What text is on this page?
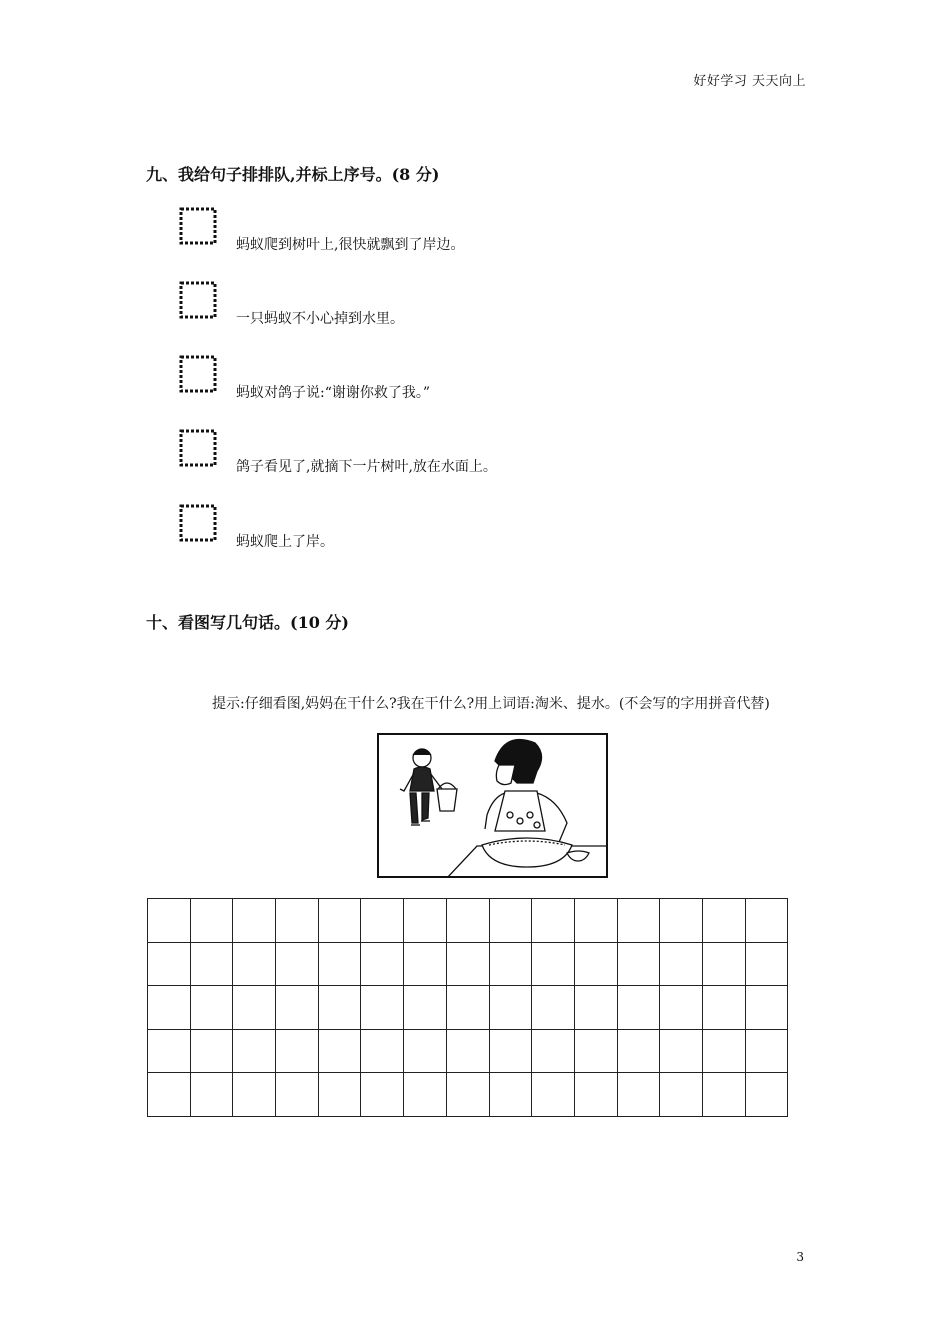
好好学习 天天向上
九、我给句子排排队,并标上序号。(8 分)
蚂蚁爬到树叶上,很快就飘到了岸边。
一只蚂蚁不小心掉到水里。
蚂蚁对鸽子说:“谢谢你救了我。”
鸽子看见了,就摘下一片树叶,放在水面上。
蚂蚁爬上了岸。
十、看图写几句话。(10 分)
提示:仔细看图,妈妈在干什么?我在干什么?用上词语:淘米、提水。(不会写的字用拼音代替)

3
